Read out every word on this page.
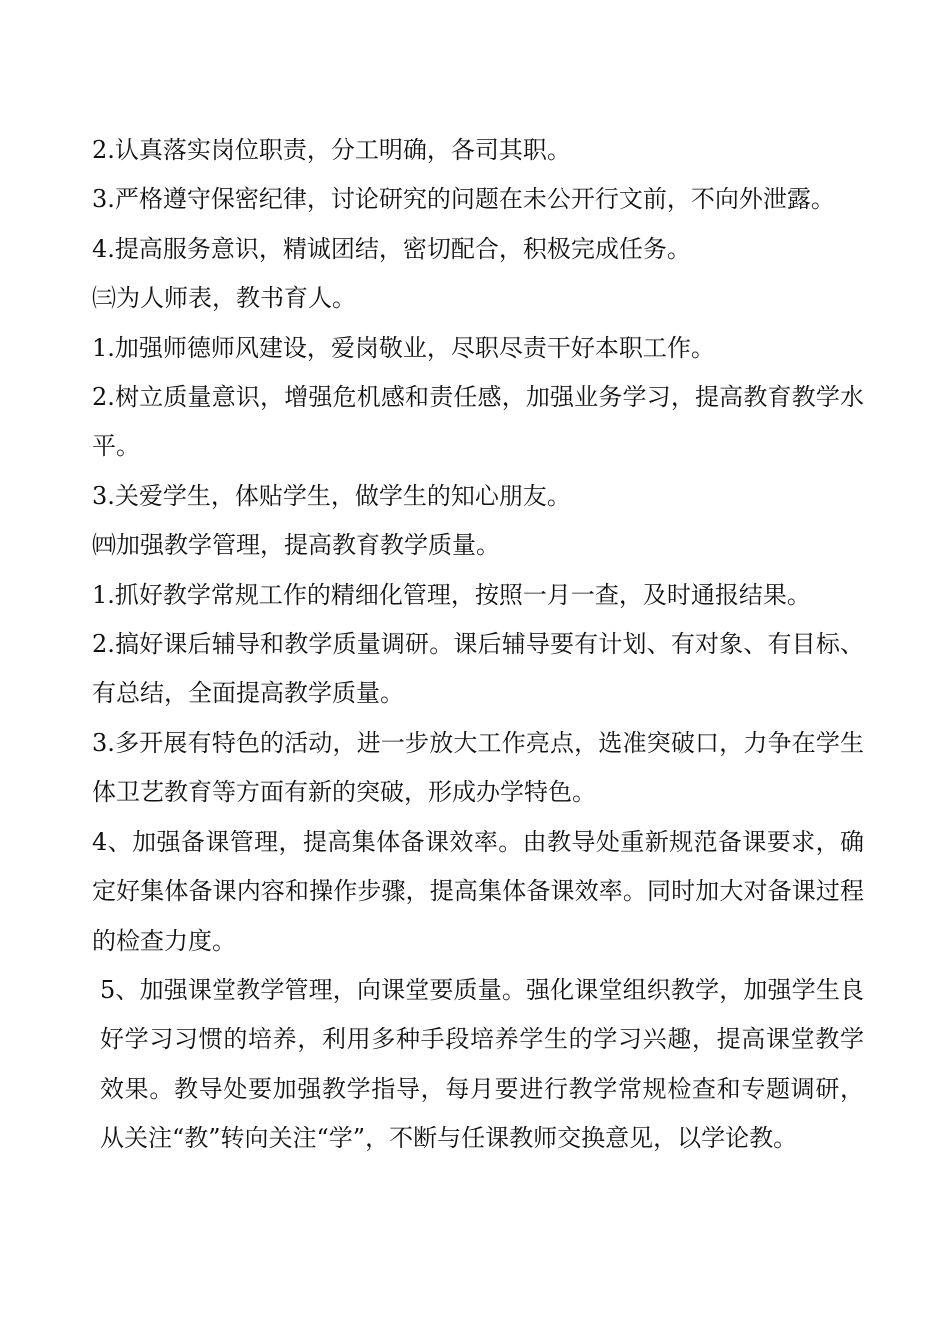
2.认真落实岗位职责，分工明确，各司其职。

3.严格遵守保密纪律，讨论研究的问题在未公开行文前，不向外泄露。

4.提高服务意识，精诚团结，密切配合，积极完成任务。

㈢为人师表，教书育人。

1.加强师德师风建设，爱岗敬业，尽职尽责干好本职工作。

2.树立质量意识，增强危机感和责任感，加强业务学习，提高教育教学水平。

3.关爱学生，体贴学生，做学生的知心朋友。

㈣加强教学管理，提高教育教学质量。

1.抓好教学常规工作的精细化管理，按照一月一查，及时通报结果。

2.搞好课后辅导和教学质量调研。课后辅导要有计划、有对象、有目标、有总结，全面提高教学质量。

3.多开展有特色的活动，进一步放大工作亮点，选准突破口，力争在学生体卫艺教育等方面有新的突破，形成办学特色。

4、加强备课管理，提高集体备课效率。由教导处重新规范备课要求，确定好集体备课内容和操作步骤，提高集体备课效率。同时加大对备课过程的检查力度。

5、加强课堂教学管理，向课堂要质量。强化课堂组织教学，加强学生良好学习习惯的培养，利用多种手段培养学生的学习兴趣，提高课堂教学效果。教导处要加强教学指导，每月要进行教学常规检查和专题调研，从关注“教”转向关注“学”，不断与任课教师交换意见，以学论教。
